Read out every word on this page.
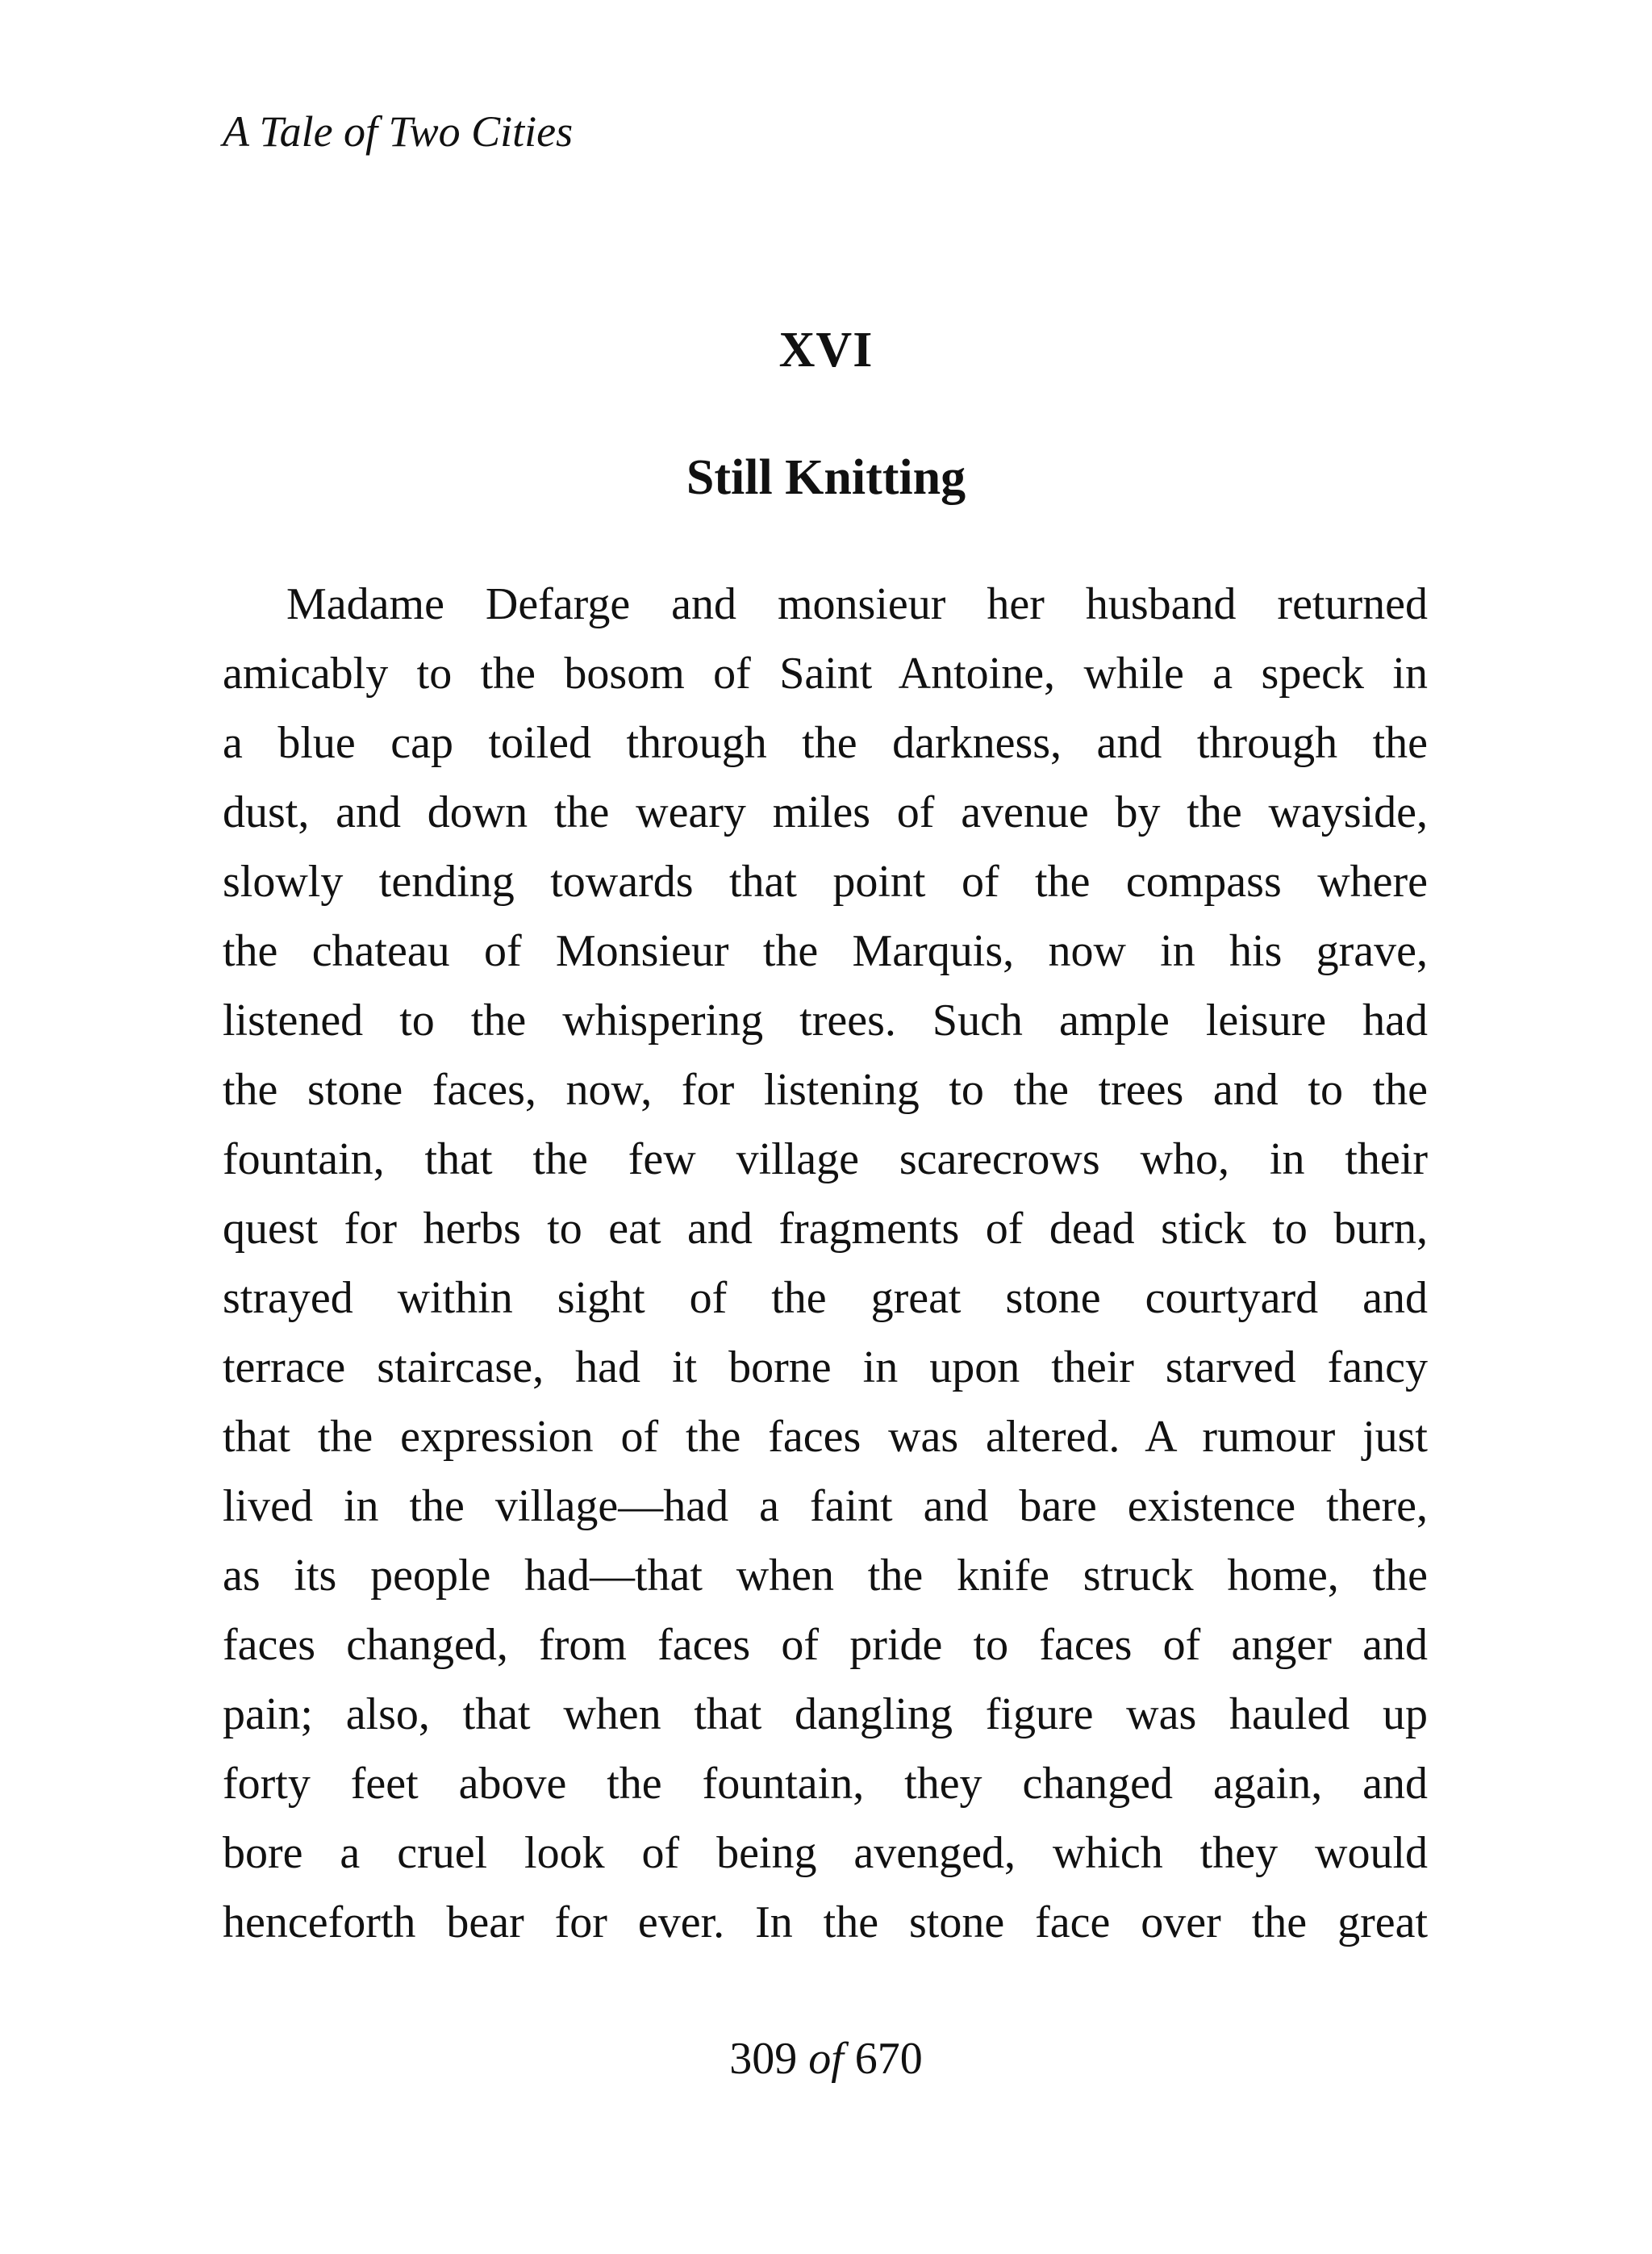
A Tale of Two Cities
XVI
Still Knitting
Madame Defarge and monsieur her husband returned
amicably to the bosom of Saint Antoine, while a speck in
a blue cap toiled through the darkness, and through the
dust, and down the weary miles of avenue by the wayside,
slowly tending towards that point of the compass where
the chateau of Monsieur the Marquis, now in his grave,
listened to the whispering trees. Such ample leisure had
the stone faces, now, for listening to the trees and to the
fountain, that the few village scarecrows who, in their
quest for herbs to eat and fragments of dead stick to burn,
strayed within sight of the great stone courtyard and
terrace staircase, had it borne in upon their starved fancy
that the expression of the faces was altered. A rumour just
lived in the village—had a faint and bare existence there,
as its people had—that when the knife struck home, the
faces changed, from faces of pride to faces of anger and
pain; also, that when that dangling figure was hauled up
forty feet above the fountain, they changed again, and
bore a cruel look of being avenged, which they would
henceforth bear for ever. In the stone face over the great
309 of 670
